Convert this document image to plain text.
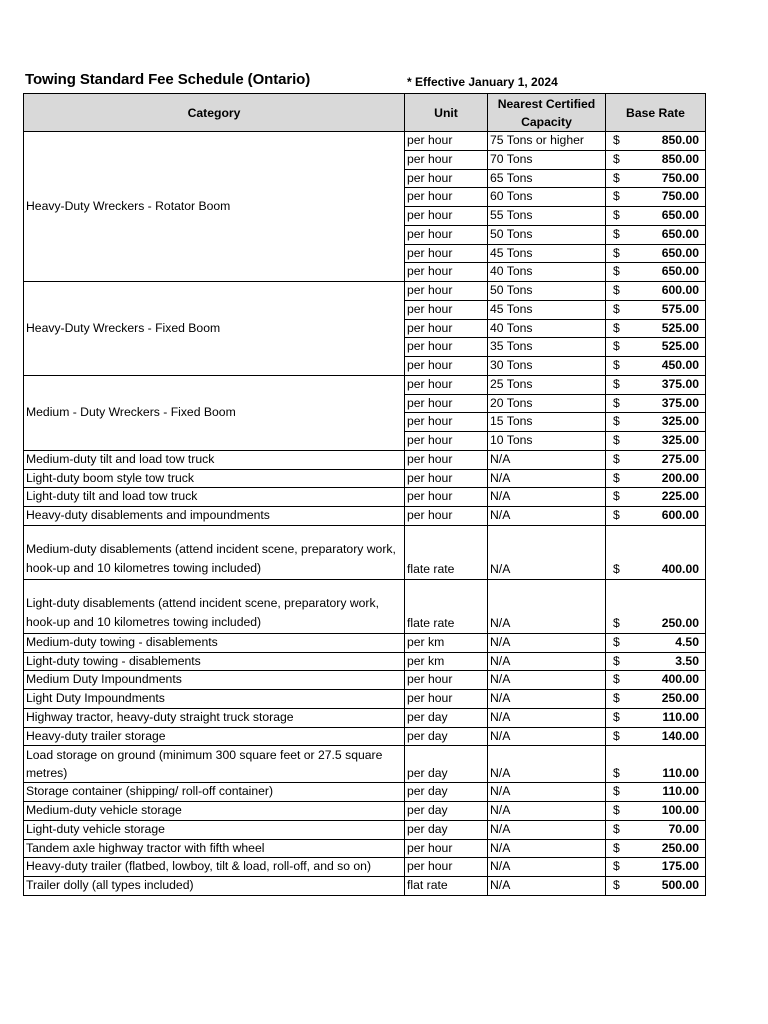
Towing Standard Fee Schedule (Ontario)	* Effective January 1, 2024
Category	Unit	Nearest Certified Capacity	Base Rate
Heavy-Duty Wreckers - Rotator Boom	per hour	75 Tons or higher	$ 850.00

	per hour	70 Tons	$ 850.00

	per hour	65 Tons	$ 750.00

	per hour	60 Tons	$ 750.00

	per hour	55 Tons	$ 650.00

	per hour	50 Tons	$ 650.00

	per hour	45 Tons	$ 650.00

	per hour	40 Tons	$ 650.00

Heavy-Duty Wreckers - Fixed Boom	per hour	50 Tons	$ 600.00

	per hour	45 Tons	$ 575.00

	per hour	40 Tons	$ 525.00

	per hour	35 Tons	$ 525.00

	per hour	30 Tons	$ 450.00

Medium - Duty Wreckers - Fixed Boom	per hour	25 Tons	$ 375.00

	per hour	20 Tons	$ 375.00

	per hour	15 Tons	$ 325.00

	per hour	10 Tons	$ 325.00

Medium-duty tilt and load tow truck	per hour	N/A	$ 275.00

Light-duty boom style tow truck	per hour	N/A	$ 200.00

Light-duty tilt and load tow truck	per hour	N/A	$ 225.00

Heavy-duty disablements and impoundments	per hour	N/A	$ 600.00

Medium-duty disablements (attend incident scene, preparatory work, hook-up and 10 kilometres towing included)	flate rate	N/A	$ 400.00

Light-duty disablements (attend incident scene, preparatory work, hook-up and 10 kilometres towing included)	flate rate	N/A	$ 250.00

Medium-duty towing - disablements	per km	N/A	$ 4.50

Light-duty towing - disablements	per km	N/A	$ 3.50

Medium Duty Impoundments	per hour	N/A	$ 400.00

Light Duty Impoundments	per hour	N/A	$ 250.00

Highway tractor, heavy-duty straight truck storage	per day	N/A	$ 110.00

Heavy-duty trailer storage	per day	N/A	$ 140.00

Load storage on ground (minimum 300 square feet or 27.5 square metres)	per day	N/A	$ 110.00

Storage container (shipping/ roll-off container)	per day	N/A	$ 110.00

Medium-duty vehicle storage	per day	N/A	$ 100.00

Light-duty vehicle storage	per day	N/A	$ 70.00

Tandem axle highway tractor with fifth wheel	per hour	N/A	$ 250.00

Heavy-duty trailer (flatbed, lowboy, tilt & load, roll-off, and so on)	per hour	N/A	$ 175.00

Trailer dolly (all types included)	flat rate	N/A	$ 500.00
